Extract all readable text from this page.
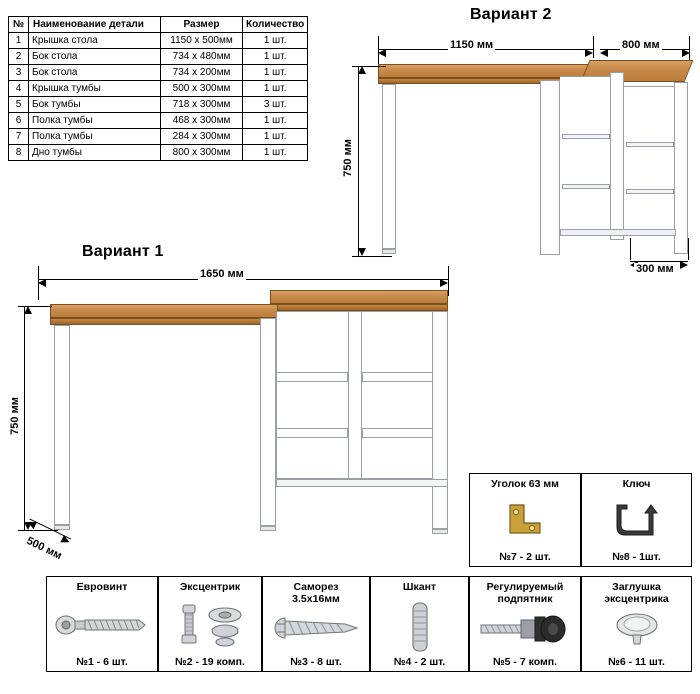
№	Наименование детали	Размер	Количество
1	Крышка стола	1150 x 500мм	1 шт.
2	Бок стола	734 х 480мм	1 шт.
3	Бок стола	734 х 200мм	1 шт.
4	Крышка тумбы	500 х 300мм	1 шт.
5	Бок тумбы	718 х 300мм	3 шт.
6	Полка тумбы	468 х 300мм	1 шт.
7	Полка тумбы	284 х 300мм	1 шт.
8	Дно тумбы	800 х 300мм	1 шт.
Вариант 2
1150 мм	800 мм
750 мм
300 мм
Вариант 1
1650 мм
750 мм
500 мм
Уголок 63 мм
№7 - 2 шт.
Ключ
№8 - 1шт.
Евровинт
№1 - 6 шт.
Эксцентрик
№2 - 19 комп.
Саморез
3.5х16мм
№3 - 8 шт.
Шкант
№4 - 2 шт.
Регулируемый
подпятник
№5 - 7 комп.
Заглушка
эксцентрика
№6 - 11 шт.
